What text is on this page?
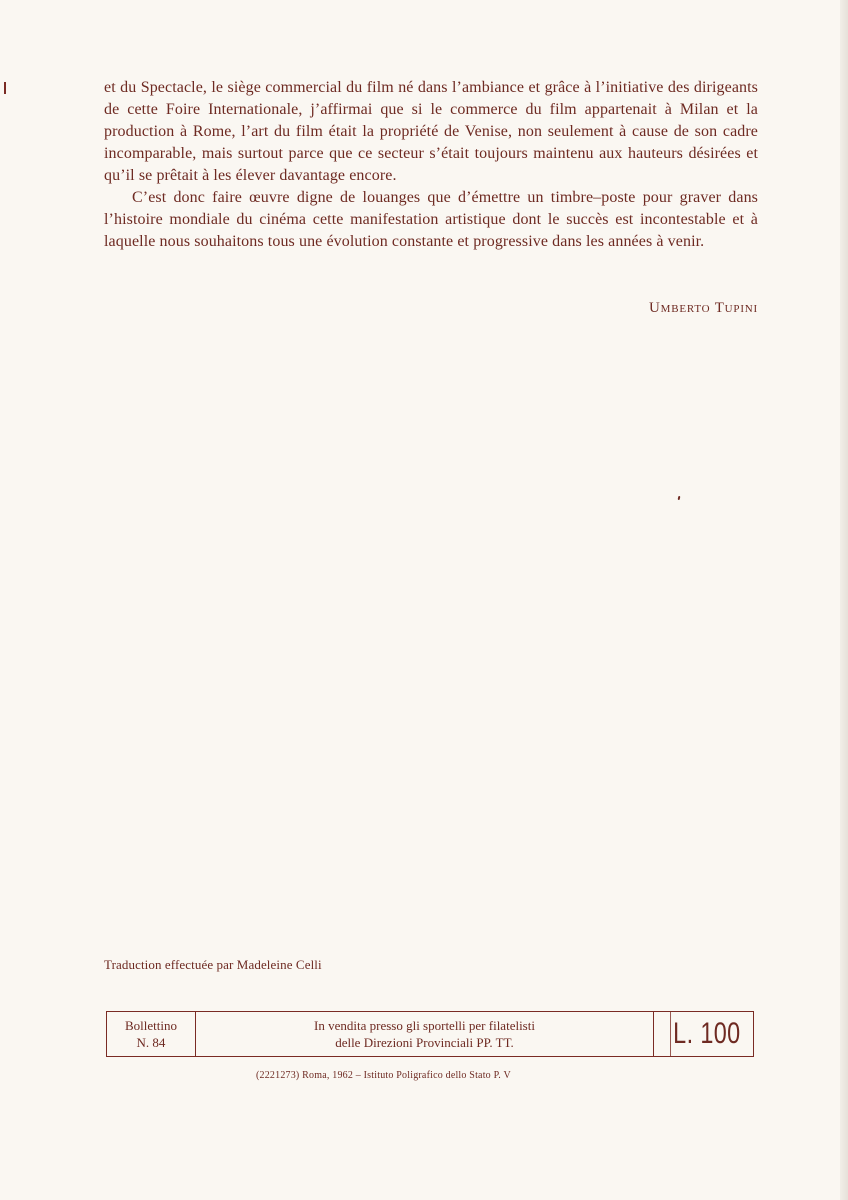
et du Spectacle, le siège commercial du film né dans l’ambiance et grâce à l’initiative des dirigeants de cette Foire Internationale, j’affirmai que si le commerce du film appartenait à Milan et la production à Rome, l’art du film était la propriété de Venise, non seulement à cause de son cadre incomparable, mais surtout parce que ce secteur s’était toujours maintenu aux hauteurs désirées et qu’il se prêtait à les élever davantage encore.

C’est donc faire œuvre digne de louanges que d’émettre un timbre–poste pour graver dans l’histoire mondiale du cinéma cette manifestation artistique dont le succès est incontestable et à laquelle nous souhaitons tous une évolution constante et progressive dans les années à venir.

Umberto Tupini
Traduction effectuée par Madeleine Celli
Bollettino
N. 84
In vendita presso gli sportelli per filatelisti
delle Direzioni Provinciali PP. TT.	L. 100
(2221273) Roma, 1962 – Istituto Poligrafico dello Stato P. V
